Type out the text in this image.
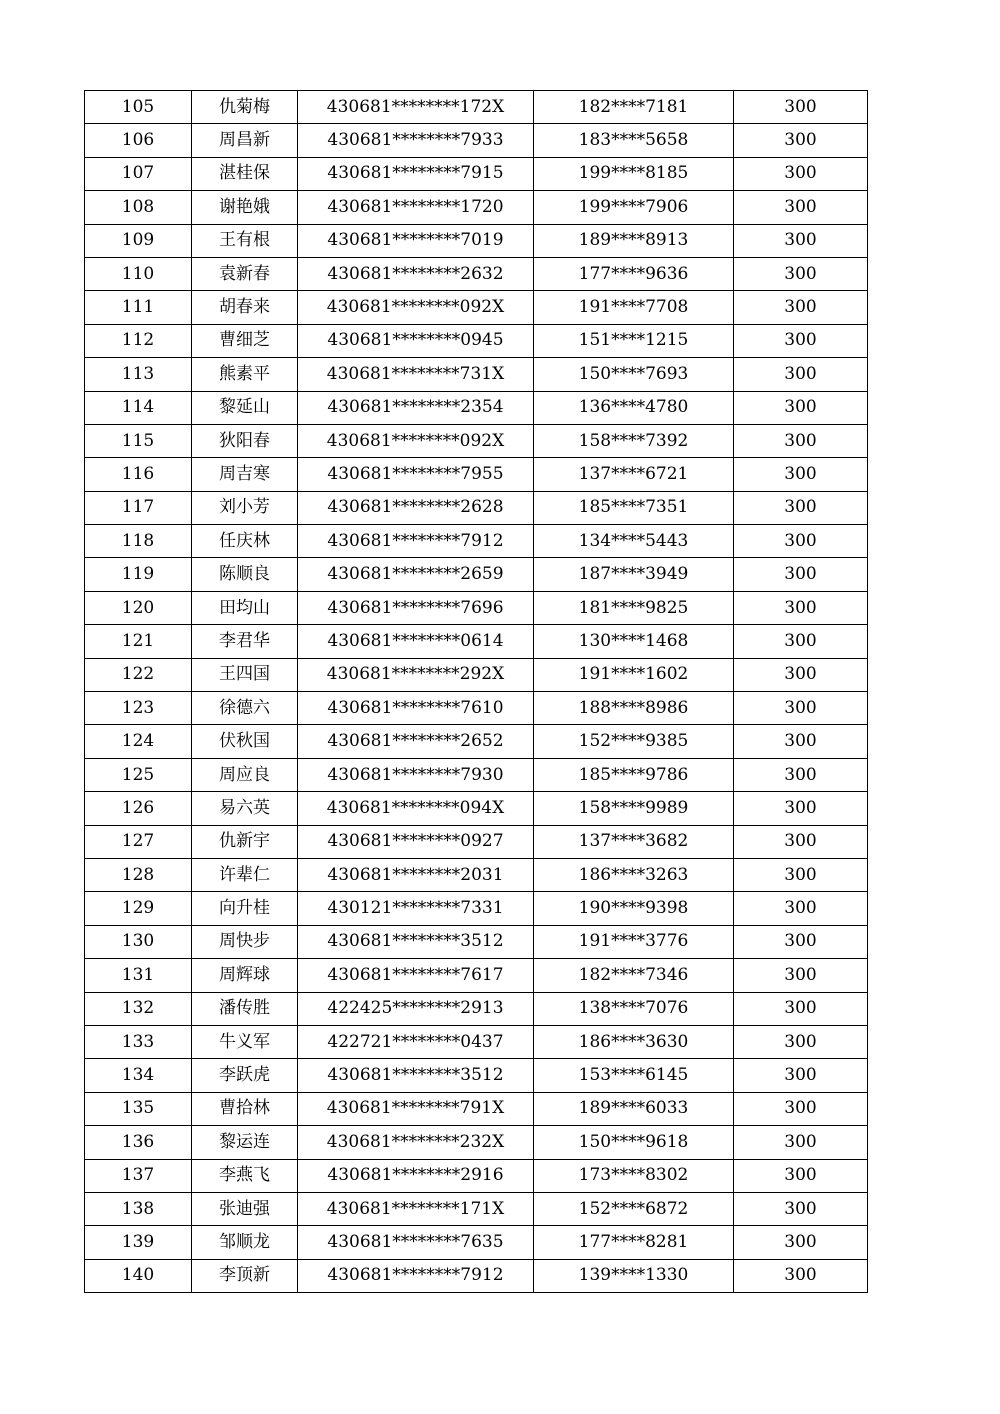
105	仇菊梅	430681********172X	182****7181	300
106	周昌新	430681********7933	183****5658	300
107	湛桂保	430681********7915	199****8185	300
108	谢艳娥	430681********1720	199****7906	300
109	王有根	430681********7019	189****8913	300
110	袁新春	430681********2632	177****9636	300
111	胡春来	430681********092X	191****7708	300
112	曹细芝	430681********0945	151****1215	300
113	熊素平	430681********731X	150****7693	300
114	黎延山	430681********2354	136****4780	300
115	狄阳春	430681********092X	158****7392	300
116	周吉寒	430681********7955	137****6721	300
117	刘小芳	430681********2628	185****7351	300
118	任庆林	430681********7912	134****5443	300
119	陈顺良	430681********2659	187****3949	300
120	田均山	430681********7696	181****9825	300
121	李君华	430681********0614	130****1468	300
122	王四国	430681********292X	191****1602	300
123	徐德六	430681********7610	188****8986	300
124	伏秋国	430681********2652	152****9385	300
125	周应良	430681********7930	185****9786	300
126	易六英	430681********094X	158****9989	300
127	仇新宇	430681********0927	137****3682	300
128	许辈仁	430681********2031	186****3263	300
129	向升桂	430121********7331	190****9398	300
130	周快步	430681********3512	191****3776	300
131	周辉球	430681********7617	182****7346	300
132	潘传胜	422425********2913	138****7076	300
133	牛义军	422721********0437	186****3630	300
134	李跃虎	430681********3512	153****6145	300
135	曹拾林	430681********791X	189****6033	300
136	黎运连	430681********232X	150****9618	300
137	李燕飞	430681********2916	173****8302	300
138	张迪强	430681********171X	152****6872	300
139	邹顺龙	430681********7635	177****8281	300
140	李顶新	430681********7912	139****1330	300
